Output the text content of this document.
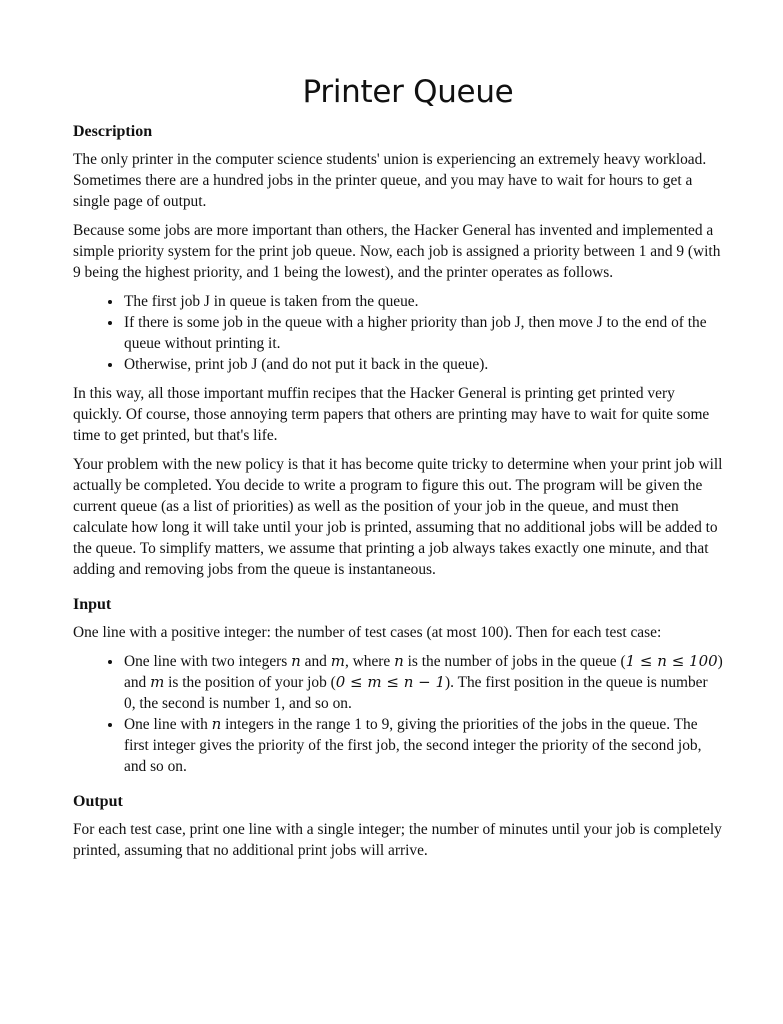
Printer Queue
Description

The only printer in the computer science students' union is experiencing an extremely heavy workload. Sometimes there are a hundred jobs in the printer queue, and you may have to wait for hours to get a single page of output.

Because some jobs are more important than others, the Hacker General has invented and implemented a simple priority system for the print job queue. Now, each job is assigned a priority between 1 and 9 (with 9 being the highest priority, and 1 being the lowest), and the printer operates as follows.

• The first job J in queue is taken from the queue.
• If there is some job in the queue with a higher priority than job J, then move J to the end of the queue without printing it.
• Otherwise, print job J (and do not put it back in the queue).

In this way, all those important muffin recipes that the Hacker General is printing get printed very quickly. Of course, those annoying term papers that others are printing may have to wait for quite some time to get printed, but that's life.

Your problem with the new policy is that it has become quite tricky to determine when your print job will actually be completed. You decide to write a program to figure this out. The program will be given the current queue (as a list of priorities) as well as the position of your job in the queue, and must then calculate how long it will take until your job is printed, assuming that no additional jobs will be added to the queue. To simplify matters, we assume that printing a job always takes exactly one minute, and that adding and removing jobs from the queue is instantaneous.

Input

One line with a positive integer: the number of test cases (at most 100). Then for each test case:

• One line with two integers n and m, where n is the number of jobs in the queue (1 ≤ n ≤ 100) and m is the position of your job (0 ≤ m ≤ n − 1). The first position in the queue is number 0, the second is number 1, and so on.
• One line with n integers in the range 1 to 9, giving the priorities of the jobs in the queue. The first integer gives the priority of the first job, the second integer the priority of the second job, and so on.
Output

For each test case, print one line with a single integer; the number of minutes until your job is completely printed, assuming that no additional print jobs will arrive.
